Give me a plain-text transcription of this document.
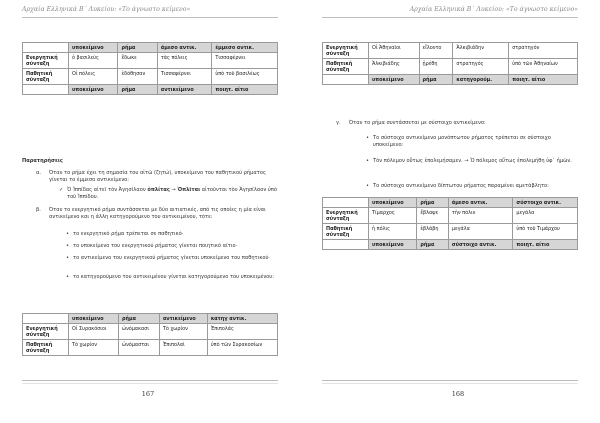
Αρχαία Ελληνικά Β΄ Λυκείου: «Το άγνωστο κείμενο»
	υποκείμενο	ρήμα	άμεσο αντικ.	έμμεσο αντικ.
Ενεργητική σύνταξη	ὁ βασιλεὺς	ἔδωκε	τὰς πόλεις	Τισσαφέρνει
Παθητική σύνταξη	Οἱ πόλεις	ἐδόθησαν	Τισσαφέρνει	ὑπὸ τοῦ βασιλέως
	υποκείμενο	ρήμα	αντικείμενο	ποιητ. αίτιο
Παρατηρήσεις
α. Όταν το ρήμα έχει τη σημασία του αἰτῶ (ζητώ), υποκείμενο του παθητικού ρήματος γίνεται το έμμεσο αντικείμενο:
Ὁ Ἱππίδας αἰτεῖ τὸν Ἀγησίλαον ὁπλίτας → Ὁπλῖται αἰτοῦνται τὸν Ἀγησίλαον ὑπὸ τοῦ Ἱππίδου.
β. Όταν το ενεργητικό ρήμα συντάσσεται με δύο αιτιατικές, από τις οποίες η μία είναι αντικείμενο και η άλλη κατηγορούμενο του αντικειμένου, τότε:
• το ενεργητικό ρήμα τρέπεται σε παθητικό·
• το υποκείμενο του ενεργητικού ρήματος γίνεται ποιητικό αίτιο·
• το αντικείμενο του ενεργητικού ρήματος γίνεται υποκείμενο του παθητικού·
• το κατηγορούμενο του αντικειμένου γίνεται κατηγορούμενο του υποκειμένου:
	υποκείμενο	ρήμα	αντικείμενο	κατηγ αντικ.
Ενεργητική σύνταξη	Οἱ Συρακόσιοι	ὠνόμακασι	Τὸ χωρίον	Ἐπιπολάς
Παθητική σύνταξη	Τὸ χωρίον	ὠνόμασται	Ἐπιπολαὶ	ὑπὸ τῶν Συρακοσίων
167
Αρχαία Ελληνικά Β΄ Λυκείου: «Το άγνωστο κείμενο»
Ενεργητική σύνταξη	Οἱ Ἀθηναῖοι	εἵλοντο	Ἀλκιβιάδην	στρατηγόν
Παθητική σύνταξη	Ἀλκιβιάδης	ᾑρέθη	στρατηγός	ὑπὸ τῶν Ἀθηναίων
	υποκείμενο	ρήμα	κατηγορούμ.	ποιητ. αίτιο
γ. Όταν το ρήμα συντάσσεται με σύστοιχο αντικείμενο:
• Το σύστοιχο αντικείμενο μονόπτωτου ρήματος τρέπεται σε σύστοιχο υποκείμενο:
• Τὸν πόλεμον οὕτως ἐπολεμήσαμεν. → Ὁ πόλεμος οὕτως ἐπολεμήθη ὑφ᾽ ἡμῶν.
• Το σύστοιχο αντικείμενο δίπτωτου ρήματος παραμένει αμετάβλητο:
	υποκείμενο	ρήμα	άμεσο αντικ.	σύστοιχο αντικ.
Ενεργητική σύνταξη	Τίμαρχος	ἔβλαψε	τὴν πόλιν	μεγάλα
Παθητική σύνταξη	ἡ πόλις	ἐβλάβη	μεγάλα	ὑπὸ τοῦ Τιμάρχου
	υποκείμενο	ρήμα	σύστοιχο αντικ.	ποιητ. αίτιο
168
